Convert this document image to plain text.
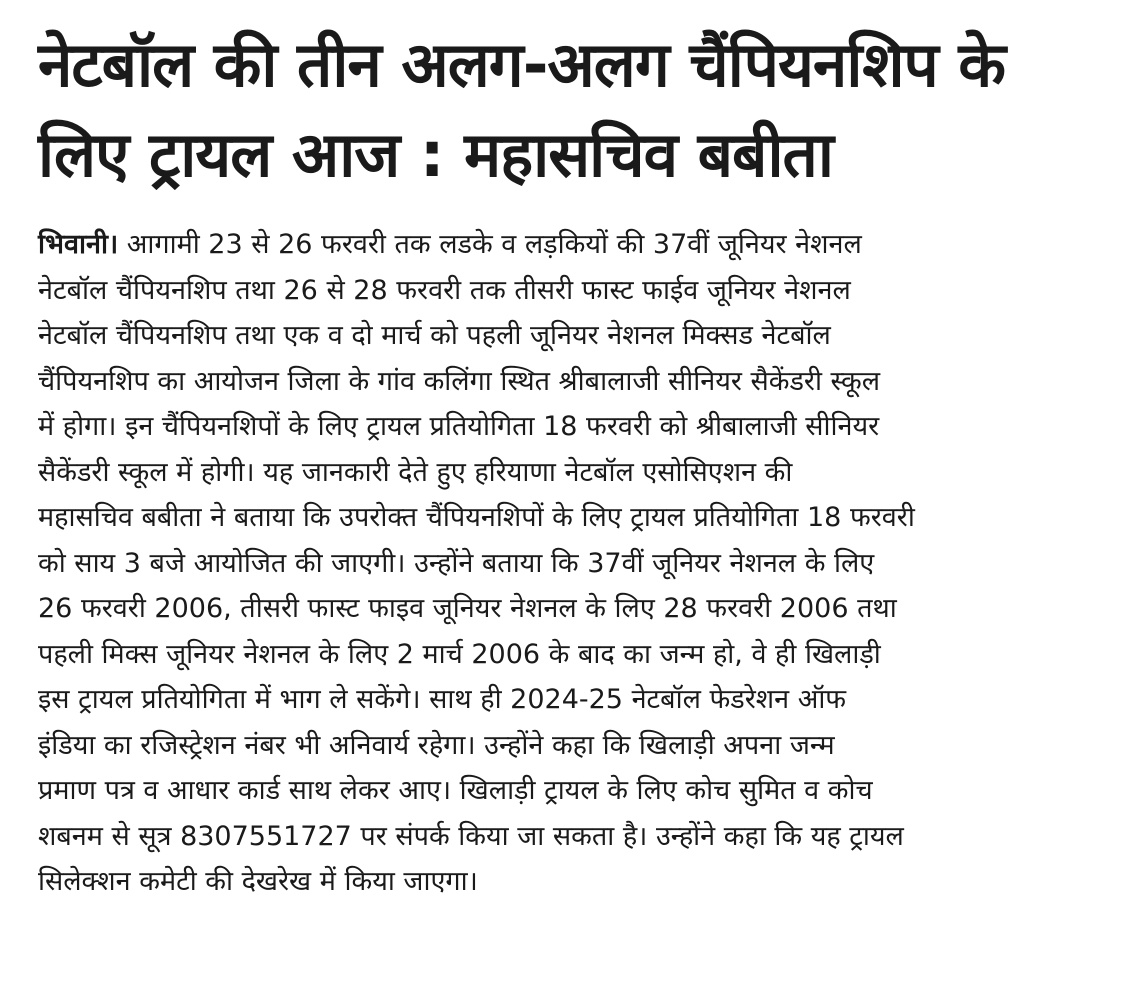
नेटबॉल की तीन अलग-अलग चैंपियनशिप के
लिए ट्रायल आज : महासचिव बबीता
भिवानी। आगामी 23 से 26 फरवरी तक लडके व लड़कियों की 37वीं जूनियर नेशनल
नेटबॉल चैंपियनशिप तथा 26 से 28 फरवरी तक तीसरी फास्ट फाईव जूनियर नेशनल
नेटबॉल चैंपियनशिप तथा एक व दो मार्च को पहली जूनियर नेशनल मिक्सड नेटबॉल
चैंपियनशिप का आयोजन जिला के गांव कलिंगा स्थित श्रीबालाजी सीनियर सैकेंडरी स्कूल
में होगा। इन चैंपियनशिपों के लिए ट्रायल प्रतियोगिता 18 फरवरी को श्रीबालाजी सीनियर
सैकेंडरी स्कूल में होगी। यह जानकारी देते हुए हरियाणा नेटबॉल एसोसिएशन की
महासचिव बबीता ने बताया कि उपरोक्त चैंपियनशिपों के लिए ट्रायल प्रतियोगिता 18 फरवरी
को साय 3 बजे आयोजित की जाएगी। उन्होंने बताया कि 37वीं जूनियर नेशनल के लिए
26 फरवरी 2006, तीसरी फास्ट फाइव जूनियर नेशनल के लिए 28 फरवरी 2006 तथा
पहली मिक्स जूनियर नेशनल के लिए 2 मार्च 2006 के बाद का जन्म हो, वे ही खिलाड़ी
इस ट्रायल प्रतियोगिता में भाग ले सकेंगे। साथ ही 2024-25 नेटबॉल फेडरेशन ऑफ
इंडिया का रजिस्ट्रेशन नंबर भी अनिवार्य रहेगा। उन्होंने कहा कि खिलाड़ी अपना जन्म
प्रमाण पत्र व आधार कार्ड साथ लेकर आए। खिलाड़ी ट्रायल के लिए कोच सुमित व कोच
शबनम से सूत्र 8307551727 पर संपर्क किया जा सकता है। उन्होंने कहा कि यह ट्रायल
सिलेक्शन कमेटी की देखरेख में किया जाएगा।
